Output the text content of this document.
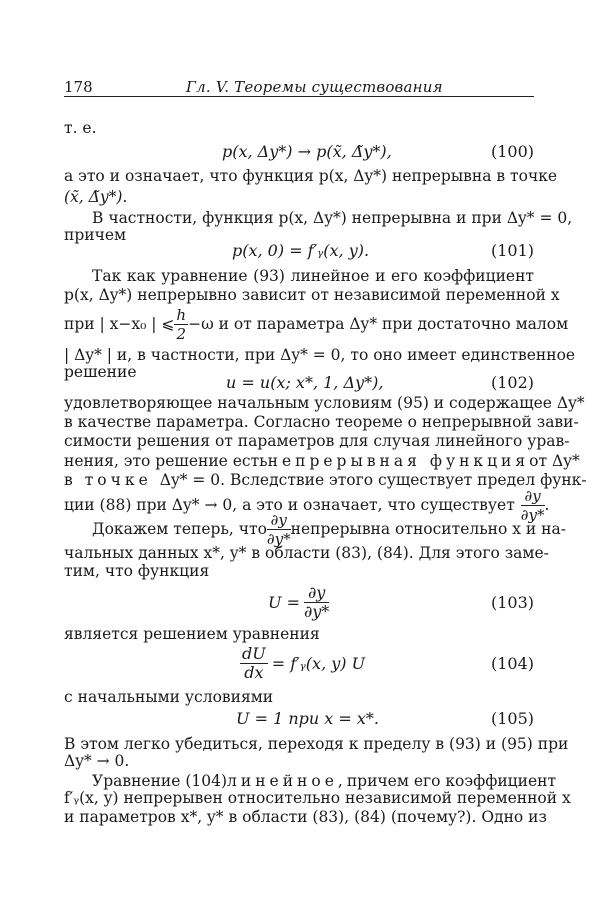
178	Гл. V. Теоремы существования
т. е.
p(x, Δy*) → p(x̃, Δ̃y*),	(100)
а это и означает, что функция p(x, Δy*) непрерывна в точке
(x̃, Δ̃y*).
В частности, функция p(x, Δy*) непрерывна и при Δy* = 0,
причем
p(x, 0) = f′ᵧ(x, y).	(101)
Так как уравнение (93) линейное и его коэффициент
p(x, Δy*) непрерывно зависит от независимой переменной x
при | x−x₀ | ⩽ $\frac{h}{2} -\omega$ и от параметра Δy* при достаточно малом
| Δy* | и, в частности, при Δy* = 0, то оно имеет единственное
решение
u = u(x; x*, 1, Δy*),	(102)
удовлетворяющее начальным условиям (95) и содержащее Δy*
в качестве параметра. Согласно теореме о непрерывной зави-
симости решения от параметров для случая линейного урав-
нения, это решение есть непрерывная функция от Δy*
в точке Δy* = 0. Вследствие этого существует предел функ-
ции (88) при Δy* → 0, а это и означает, что существует $\frac{\partial y}{\partial y*}$ .
Докажем теперь, что $\frac{\partial y}{\partial y*}$ непрерывна относительно x и на-
чальных данных x*, y* в области (83), (84). Для этого заме-
тим, что функция
$U = \frac{\partial y}{\partial y*}$	(103)
является решением уравнения
$\frac{dU}{dx}$ = f′ᵧ(x, y) U	(104)
с начальными условиями
U = 1 при x = x*.	(105)
В этом легко убедиться, переходя к пределу в (93) и (95) при
Δy* → 0.
Уравнение (104) линейное, причем его коэффициент
f′ᵧ(x, y) непрерывен относительно независимой переменной x
и параметров x*, y* в области (83), (84) (почему?). Одно из
